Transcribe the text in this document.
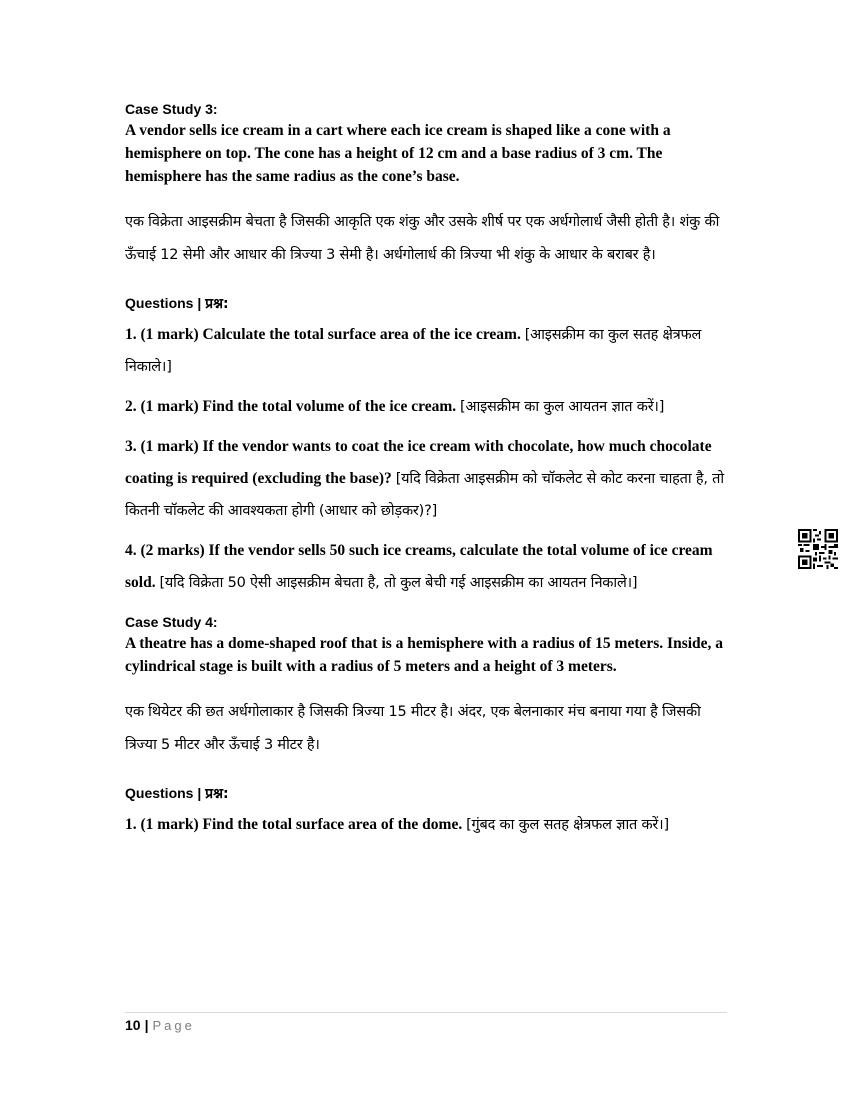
Case Study 3:

A vendor sells ice cream in a cart where each ice cream is shaped like a cone with a hemisphere on top. The cone has a height of 12 cm and a base radius of 3 cm. The hemisphere has the same radius as the cone’s base.

एक विक्रेता आइसक्रीम बेचता है जिसकी आकृति एक शंकु और उसके शीर्ष पर एक अर्धगोलार्ध जैसी होती है। शंकु की ऊँचाई 12 सेमी और आधार की त्रिज्या 3 सेमी है। अर्धगोलार्ध की त्रिज्या भी शंकु के आधार के बराबर है।

Questions | प्रश्न:

1. (1 mark) Calculate the total surface area of the ice cream. [आइसक्रीम का कुल सतह क्षेत्रफल निकाले।]

2. (1 mark) Find the total volume of the ice cream. [आइसक्रीम का कुल आयतन ज्ञात करें।]

3. (1 mark) If the vendor wants to coat the ice cream with chocolate, how much chocolate coating is required (excluding the base)? [यदि विक्रेता आइसक्रीम को चॉकलेट से कोट करना चाहता है, तो कितनी चॉकलेट की आवश्यकता होगी (आधार को छोड़कर)?]

4. (2 marks) If the vendor sells 50 such ice creams, calculate the total volume of ice cream sold. [यदि विक्रेता 50 ऐसी आइसक्रीम बेचता है, तो कुल बेची गई आइसक्रीम का आयतन निकाले।]

Case Study 4:

A theatre has a dome-shaped roof that is a hemisphere with a radius of 15 meters. Inside, a cylindrical stage is built with a radius of 5 meters and a height of 3 meters.

एक थियेटर की छत अर्धगोलाकार है जिसकी त्रिज्या 15 मीटर है। अंदर, एक बेलनाकार मंच बनाया गया है जिसकी त्रिज्या 5 मीटर और ऊँचाई 3 मीटर है।

Questions | प्रश्न:

1. (1 mark) Find the total surface area of the dome. [गुंबद का कुल सतह क्षेत्रफल ज्ञात करें।]

10 | Page
